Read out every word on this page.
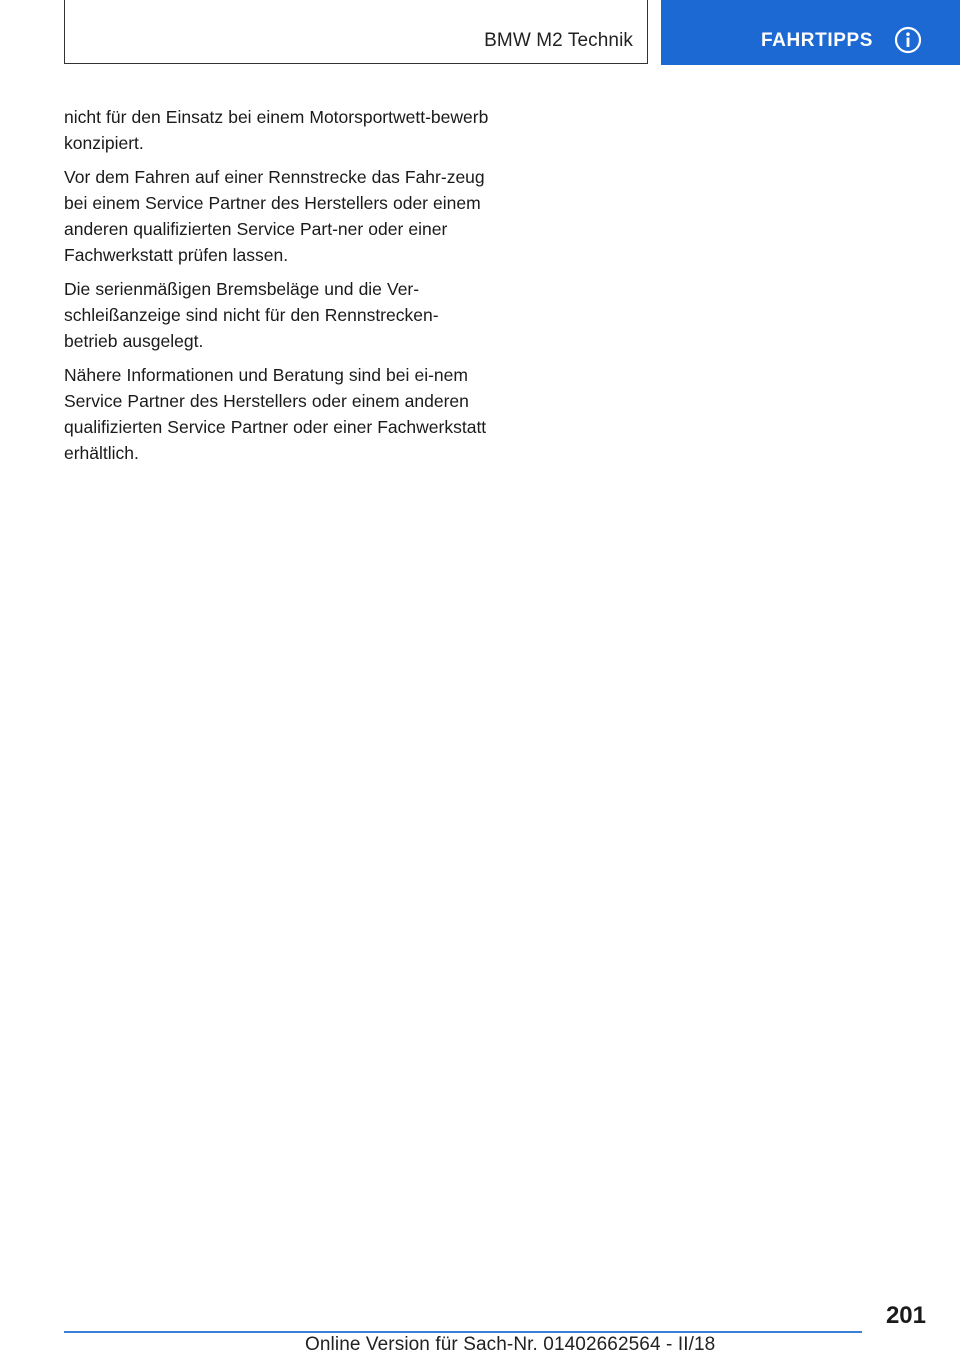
BMW M2 Technik	FAHRTIPPS

nicht für den Einsatz bei einem Motorsportwett-bewerb konzipiert.

Vor dem Fahren auf einer Rennstrecke das Fahr-zeug bei einem Service Partner des Herstellers oder einem anderen qualifizierten Service Part-ner oder einer Fachwerkstatt prüfen lassen.

Die serienmäßigen Bremsbeläge und die Ver-schleißanzeige sind nicht für den Rennstrecken-betrieb ausgelegt.

Nähere Informationen und Beratung sind bei ei-nem Service Partner des Herstellers oder einem anderen qualifizierten Service Partner oder einer Fachwerkstatt erhältlich.

201
Online Version für Sach-Nr. 01402662564 - II/18
